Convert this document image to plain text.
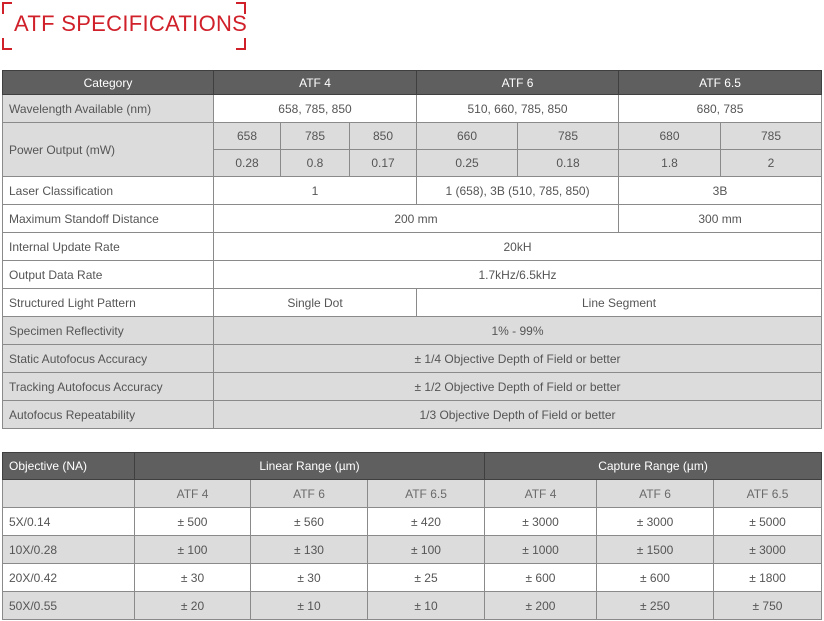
ATF SPECIFICATIONS
Category	ATF 4			ATF 6		ATF 6.5	
Wavelength Available (nm)	658, 785, 850			510, 660, 785, 850		680, 785	
Power Output (mW)	658	785	850	660	785	680	785
	0.28	0.8	0.17	0.25	0.18	1.8	2
Laser Classification	1			1 (658), 3B (510, 785, 850)		3B	
Maximum Standoff Distance	200 mm					300 mm	
Internal Update Rate	20kH						
Output Data Rate	1.7kHz/6.5kHz						
Structured Light Pattern	Single Dot			Line Segment			
Specimen Reflectivity	1% - 99%						
Static Autofocus Accuracy	± 1/4 Objective Depth of Field or better						
Tracking Autofocus Accuracy	± 1/2 Objective Depth of Field or better						
Autofocus Repeatability	1/3 Objective Depth of Field or better						
Objective (NA)	Linear Range (µm)			Capture Range (µm)		
	ATF 4	ATF 6	ATF 6.5	ATF 4	ATF 6	ATF 6.5
5X/0.14	± 500	± 560	± 420	± 3000	± 3000	± 5000
10X/0.28	± 100	± 130	± 100	± 1000	± 1500	± 3000
20X/0.42	± 30	± 30	± 25	± 600	± 600	± 1800
50X/0.55	± 20	± 10	± 10	± 200	± 250	± 750
